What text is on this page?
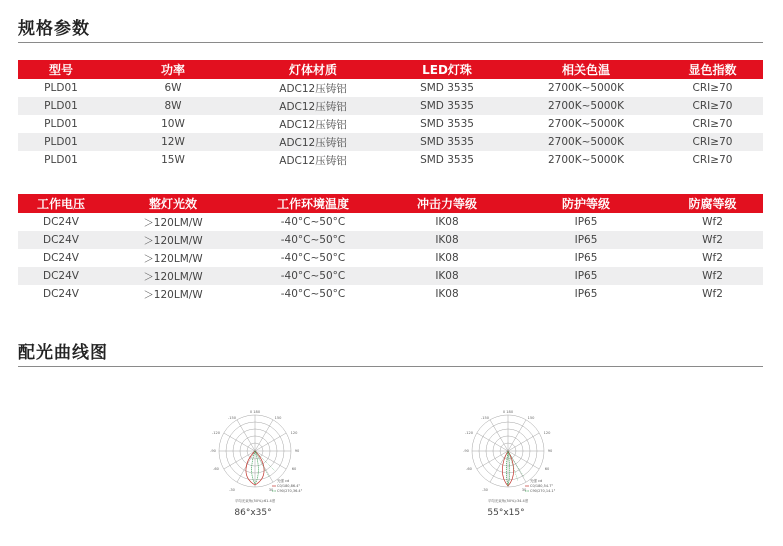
规格参数
型号	功率	灯体材质	LED灯珠	相关色温	显色指数
PLD01	6W	ADC12压铸铝	SMD 3535	2700K~5000K	CRI≥70
PLD01	8W	ADC12压铸铝	SMD 3535	2700K~5000K	CRI≥70
PLD01	10W	ADC12压铸铝	SMD 3535	2700K~5000K	CRI≥70
PLD01	12W	ADC12压铸铝	SMD 3535	2700K~5000K	CRI≥70
PLD01	15W	ADC12压铸铝	SMD 3535	2700K~5000K	CRI≥70
工作电压	整灯光效	工作环境温度	冲击力等级	防护等级	防腐等级
DC24V	＞120LM/W	-40°C~50°C	IK08	IP65	Wf2
DC24V	＞120LM/W	-40°C~50°C	IK08	IP65	Wf2
DC24V	＞120LM/W	-40°C~50°C	IK08	IP65	Wf2
DC24V	＞120LM/W	-40°C~50°C	IK08	IP65	Wf2
DC24V	＞120LM/W	-40°C~50°C	IK08	IP65	Wf2
配光曲线图
0 180
-150	150
-120	120
-90	90
-60	60
-30	30
光强 cd
C0/180,86.4°
C90/270,36.4°
平均光束角(50%):61.4度
86°x35°
0 180
-150	150
-120	120
-90	90
-60	60
-30	30
光强 cd
C0/180,54.7°
C90/270,14.1°
平均光束角(50%):34.4度
55°x15°
